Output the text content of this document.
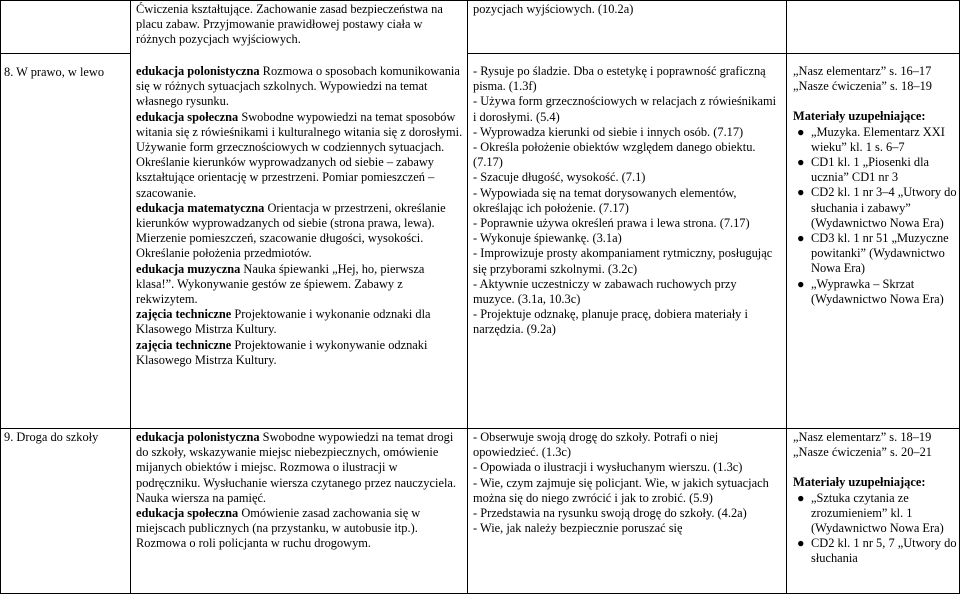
Ćwiczenia kształtujące. Zachowanie zasad bezpieczeństwa na placu zabaw. Przyjmowanie prawidłowej postawy ciała w różnych pozycjach wyjściowych.

pozycjach wyjściowych. (10.2a)

8. W prawo, w lewo	edukacja polonistyczna Rozmowa o sposobach komunikowania się w różnych sytuacjach szkolnych. Wypowiedzi na temat własnego rysunku.

edukacja społeczna Swobodne wypowiedzi na temat sposobów witania się z rówieśnikami i kulturalnego witania się z dorosłymi. Używanie form grzecznościowych w codziennych sytuacjach. Określanie kierunków wyprowadzanych od siebie – zabawy kształtujące orientację w przestrzeni. Pomiar pomieszczeń – szacowanie.

edukacja matematyczna Orientacja w przestrzeni, określanie kierunków wyprowadzanych od siebie (strona prawa, lewa). Mierzenie pomieszczeń, szacowanie długości, wysokości. Określanie położenia przedmiotów.

edukacja muzyczna Nauka śpiewanki „Hej, ho, pierwsza klasa!”. Wykonywanie gestów ze śpiewem. Zabawy z rekwizytem.

zajęcia techniczne Projektowanie i wykonanie odznaki dla Klasowego Mistrza Kultury.

zajęcia techniczne Projektowanie i wykonywanie odznaki Klasowego Mistrza Kultury.

- Rysuje po śladzie. Dba o estetykę i poprawność graficzną pisma. (1.3f)

- Używa form grzecznościowych w relacjach z rówieśnikami i dorosłymi. (5.4)

- Wyprowadza kierunki od siebie i innych osób. (7.17)

- Określa położenie obiektów względem danego obiektu. (7.17)

- Szacuje długość, wysokość. (7.1)

- Wypowiada się na temat dorysowanych elementów, określając ich położenie. (7.17)

- Poprawnie używa określeń prawa i lewa strona. (7.17)

- Wykonuje śpiewankę. (3.1a)

- Improwizuje prosty akompaniament rytmiczny, posługując się przyborami szkolnymi. (3.2c)

- Aktywnie uczestniczy w zabawach ruchowych przy muzyce. (3.1a, 10.3c)

- Projektuje odznakę, planuje pracę, dobiera materiały i narzędzia. (9.2a)

„Nasz elementarz” s. 16–17

„Nasze ćwiczenia” s. 18–19

Materiały uzupełniające:

● „Muzyka. Elementarz XXI wieku” kl. 1 s. 6–7
● CD1 kl. 1 „Piosenki dla ucznia” CD1 nr 3
● CD2 kl. 1 nr 3–4 „Utwory do słuchania i zabawy” (Wydawnictwo Nowa Era)
● CD3 kl. 1 nr 51 „Muzyczne powitanki” (Wydawnictwo Nowa Era)
● „Wyprawka – Skrzat (Wydawnictwo Nowa Era)

9. Droga do szkoły	edukacja polonistyczna Swobodne wypowiedzi na temat drogi do szkoły, wskazywanie miejsc niebezpiecznych, omówienie mijanych obiektów i miejsc. Rozmowa o ilustracji w podręczniku. Wysłuchanie wiersza czytanego przez nauczyciela. Nauka wiersza na pamięć.

edukacja społeczna Omówienie zasad zachowania się w miejscach publicznych (na przystanku, w autobusie itp.). Rozmowa o roli policjanta w ruchu drogowym.

- Obserwuje swoją drogę do szkoły. Potrafi o niej opowiedzieć. (1.3c)

- Opowiada o ilustracji i wysłuchanym wierszu. (1.3c)

- Wie, czym zajmuje się policjant. Wie, w jakich sytuacjach można się do niego zwrócić i jak to zrobić. (5.9)

- Przedstawia na rysunku swoją drogę do szkoły. (4.2a)

- Wie, jak należy bezpiecznie poruszać się

„Nasz elementarz” s. 18–19

„Nasze ćwiczenia” s. 20–21

Materiały uzupełniające:

● „Sztuka czytania ze zrozumieniem” kl. 1 (Wydawnictwo Nowa Era)
● CD2 kl. 1 nr 5, 7 „Utwory do słuchania
